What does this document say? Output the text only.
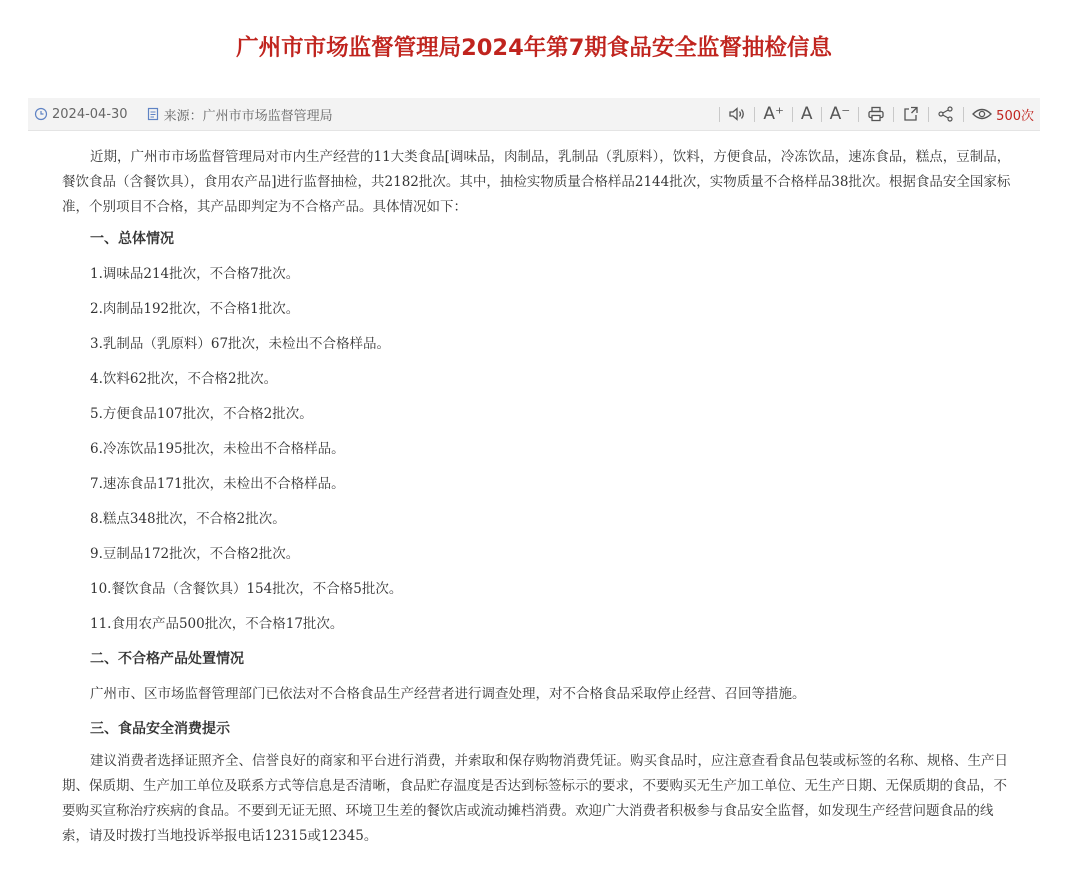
广州市市场监督管理局2024年第7期食品安全监督抽检信息
2024-04-30	来源：广州市市场监督管理局	A⁺	A	A⁻	500次

近期，广州市市场监督管理局对市内生产经营的11大类食品[调味品，肉制品，乳制品（乳原料），饮料，方便食品，冷冻饮品，速冻食品，糕点，豆制品，餐饮食品（含餐饮具），食用农产品]进行监督抽检，共2182批次。其中，抽检实物质量合格样品2144批次，实物质量不合格样品38批次。根据食品安全国家标准，个别项目不合格，其产品即判定为不合格产品。具体情况如下：

一、总体情况

1.调味品214批次，不合格7批次。

2.肉制品192批次，不合格1批次。

3.乳制品（乳原料）67批次，未检出不合格样品。

4.饮料62批次，不合格2批次。

5.方便食品107批次，不合格2批次。

6.冷冻饮品195批次，未检出不合格样品。

7.速冻食品171批次，未检出不合格样品。

8.糕点348批次，不合格2批次。

9.豆制品172批次，不合格2批次。

10.餐饮食品（含餐饮具）154批次，不合格5批次。

11.食用农产品500批次，不合格17批次。

二、不合格产品处置情况

广州市、区市场监督管理部门已依法对不合格食品生产经营者进行调查处理，对不合格食品采取停止经营、召回等措施。

三、食品安全消费提示

建议消费者选择证照齐全、信誉良好的商家和平台进行消费，并索取和保存购物消费凭证。购买食品时，应注意查看食品包装或标签的名称、规格、生产日期、保质期、生产加工单位及联系方式等信息是否清晰，食品贮存温度是否达到标签标示的要求，不要购买无生产加工单位、无生产日期、无保质期的食品，不要购买宣称治疗疾病的食品。不要到无证无照、环境卫生差的餐饮店或流动摊档消费。欢迎广大消费者积极参与食品安全监督，如发现生产经营问题食品的线索，请及时拨打当地投诉举报电话12315或12345。
